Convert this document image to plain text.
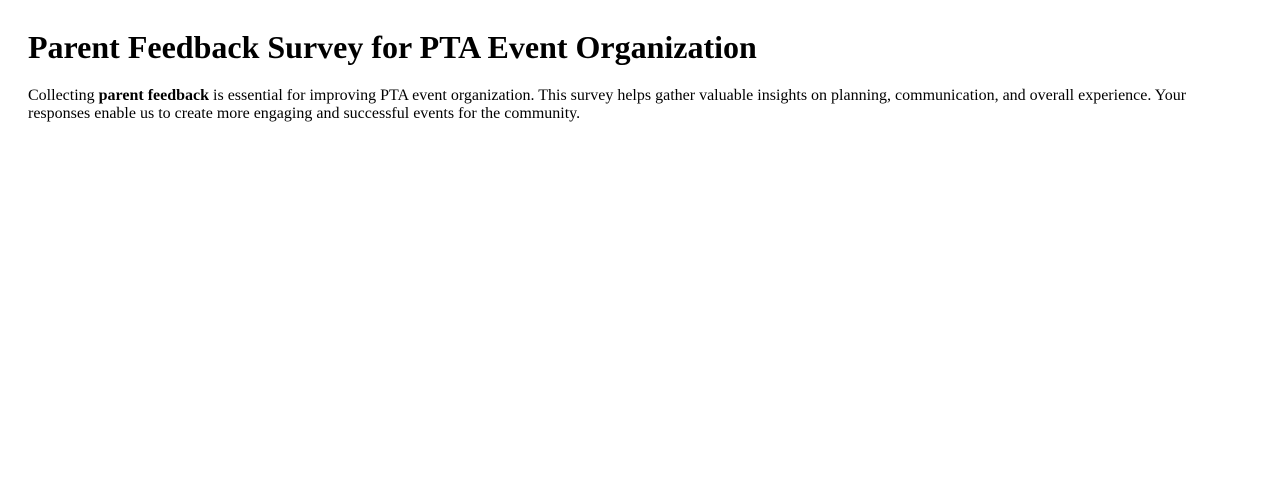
Parent Feedback Survey for PTA Event Organization

Collecting parent feedback is essential for improving PTA event organization. This survey helps gather valuable insights on planning, communication, and overall experience. Your responses enable us to create more engaging and successful events for the community.
